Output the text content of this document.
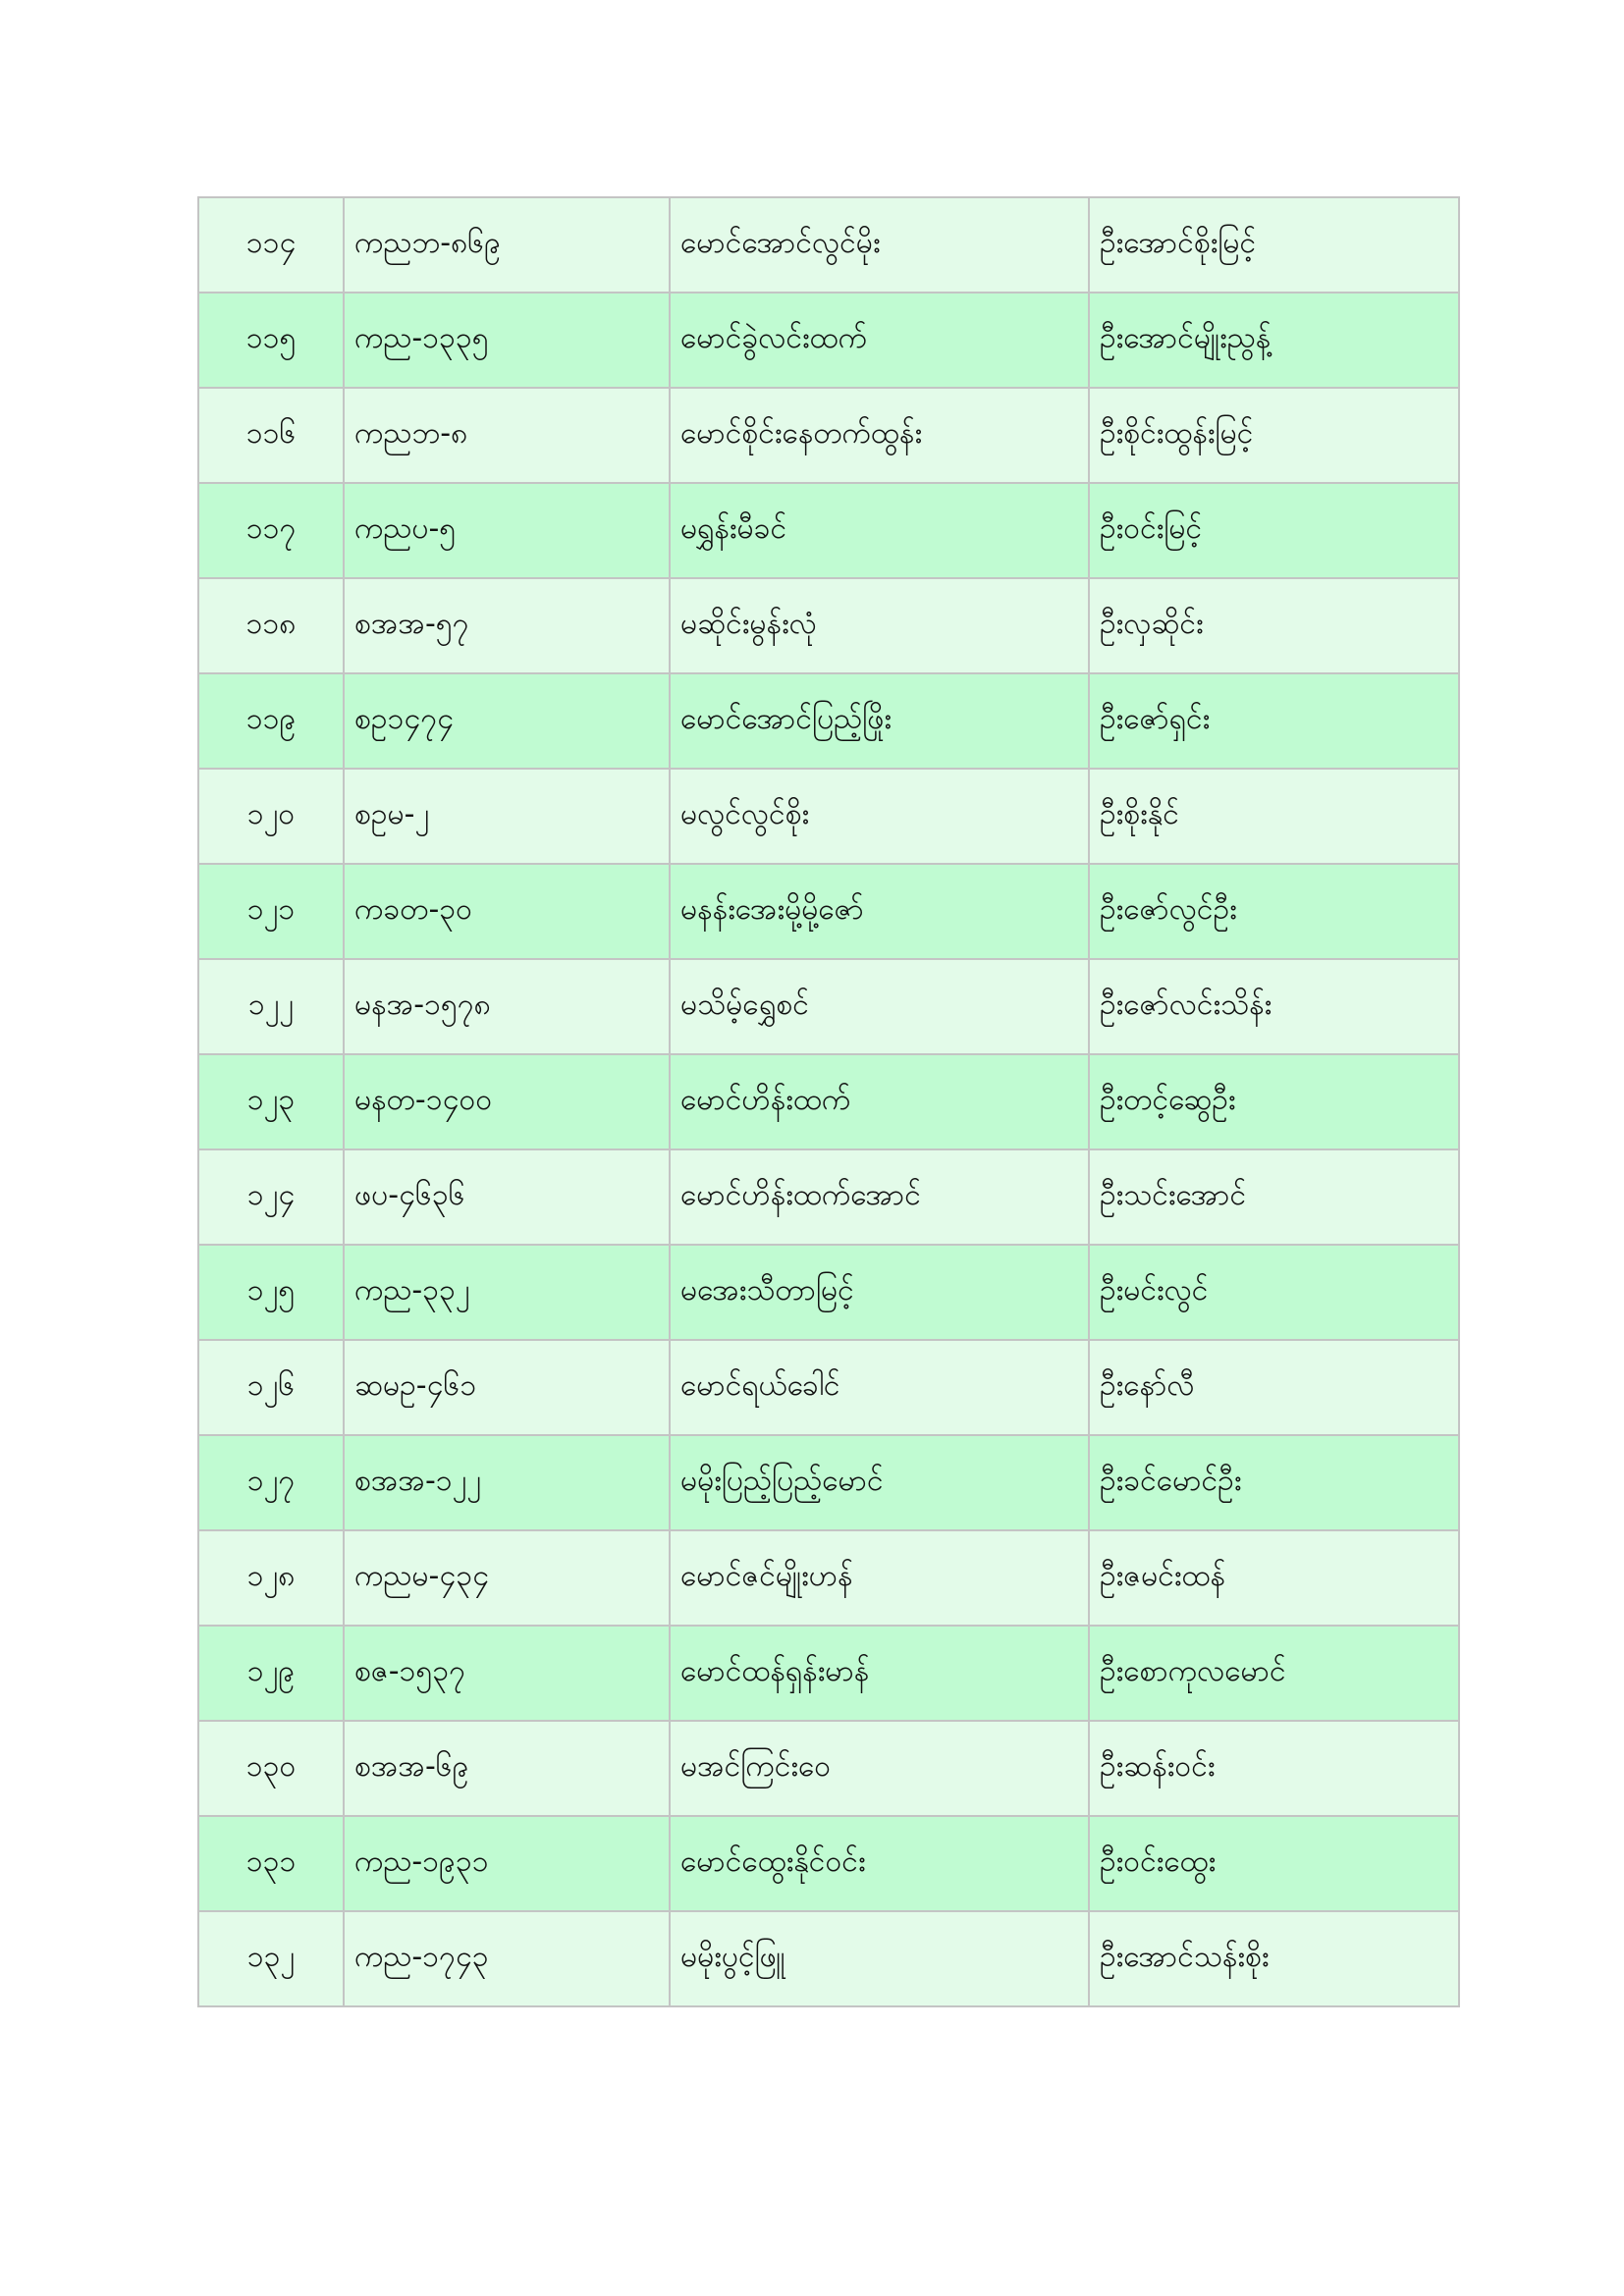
၁၁၄	ကညဘ-၈၆၉	မောင်အောင်လွင်မိုး	ဦးအောင်စိုးမြင့်
၁၁၅	ကည-၁၃၃၅	မောင်ခွဲလင်းထက်	ဦးအောင်မျိုးညွန့်
၁၁၆	ကညဘ-၈	မောင်စိုင်းနေတက်ထွန်း	ဦးစိုင်းထွန်းမြင့်
၁၁၇	ကညပ-၅	မရွှန်းမီခင်	ဦးဝင်းမြင့်
၁၁၈	စအအ-၅၇	မဆိုင်းမွန်းလုံ	ဦးလှဆိုင်း
၁၁၉	စဥ၁၄၇၄	မောင်အောင်ပြည့်ဖြိုး	ဦးဇော်ရှင်း
၁၂၀	စဥမ-၂	မလွင်လွင်စိုး	ဦးစိုးနိုင်
၁၂၁	ကခတ-၃၀	မနန်းအေးမို့မို့ဇော်	ဦးဇော်လွင်ဦး
၁၂၂	မနအ-၁၅၇၈	မသိမ့်ရွှေစင်	ဦးဇော်လင်းသိန်း
၁၂၃	မနတ-၁၄၀၀	မောင်ဟိန်းထက်	ဦးတင့်ဆွေဦး
၁၂၄	ဖပ-၄၆၃၆	မောင်ဟိန်းထက်အောင်	ဦးသင်းအောင်
၁၂၅	ကည-၃၃၂	မအေးသီတာမြင့်	ဦးမင်းလွင်
၁၂၆	ဆမဥ-၄၆၁	မောင်ရယ်ခေါင်	ဦးနော်လီ
၁၂၇	စအအ-၁၂၂	မမိုးပြည့်ပြည့်မောင်	ဦးခင်မောင်ဦး
၁၂၈	ကညမ-၄၃၄	မောင်ဇင်မျိုးဟန်	ဦးဇမင်းထန်
၁၂၉	စဇ-၁၅၃၇	မောင်ထန်ရှန်းမာန်	ဦးစောကုလမောင်
၁၃၀	စအအ-၆၉	မအင်ကြင်းဝေ	ဦးဆန်းဝင်း
၁၃၁	ကည-၁၉၃၁	မောင်ထွေးနိုင်ဝင်း	ဦးဝင်းထွေး
၁၃၂	ကည-၁၇၄၃	မမိုးပွင့်ဖြူ	ဦးအောင်သန်းစိုး
